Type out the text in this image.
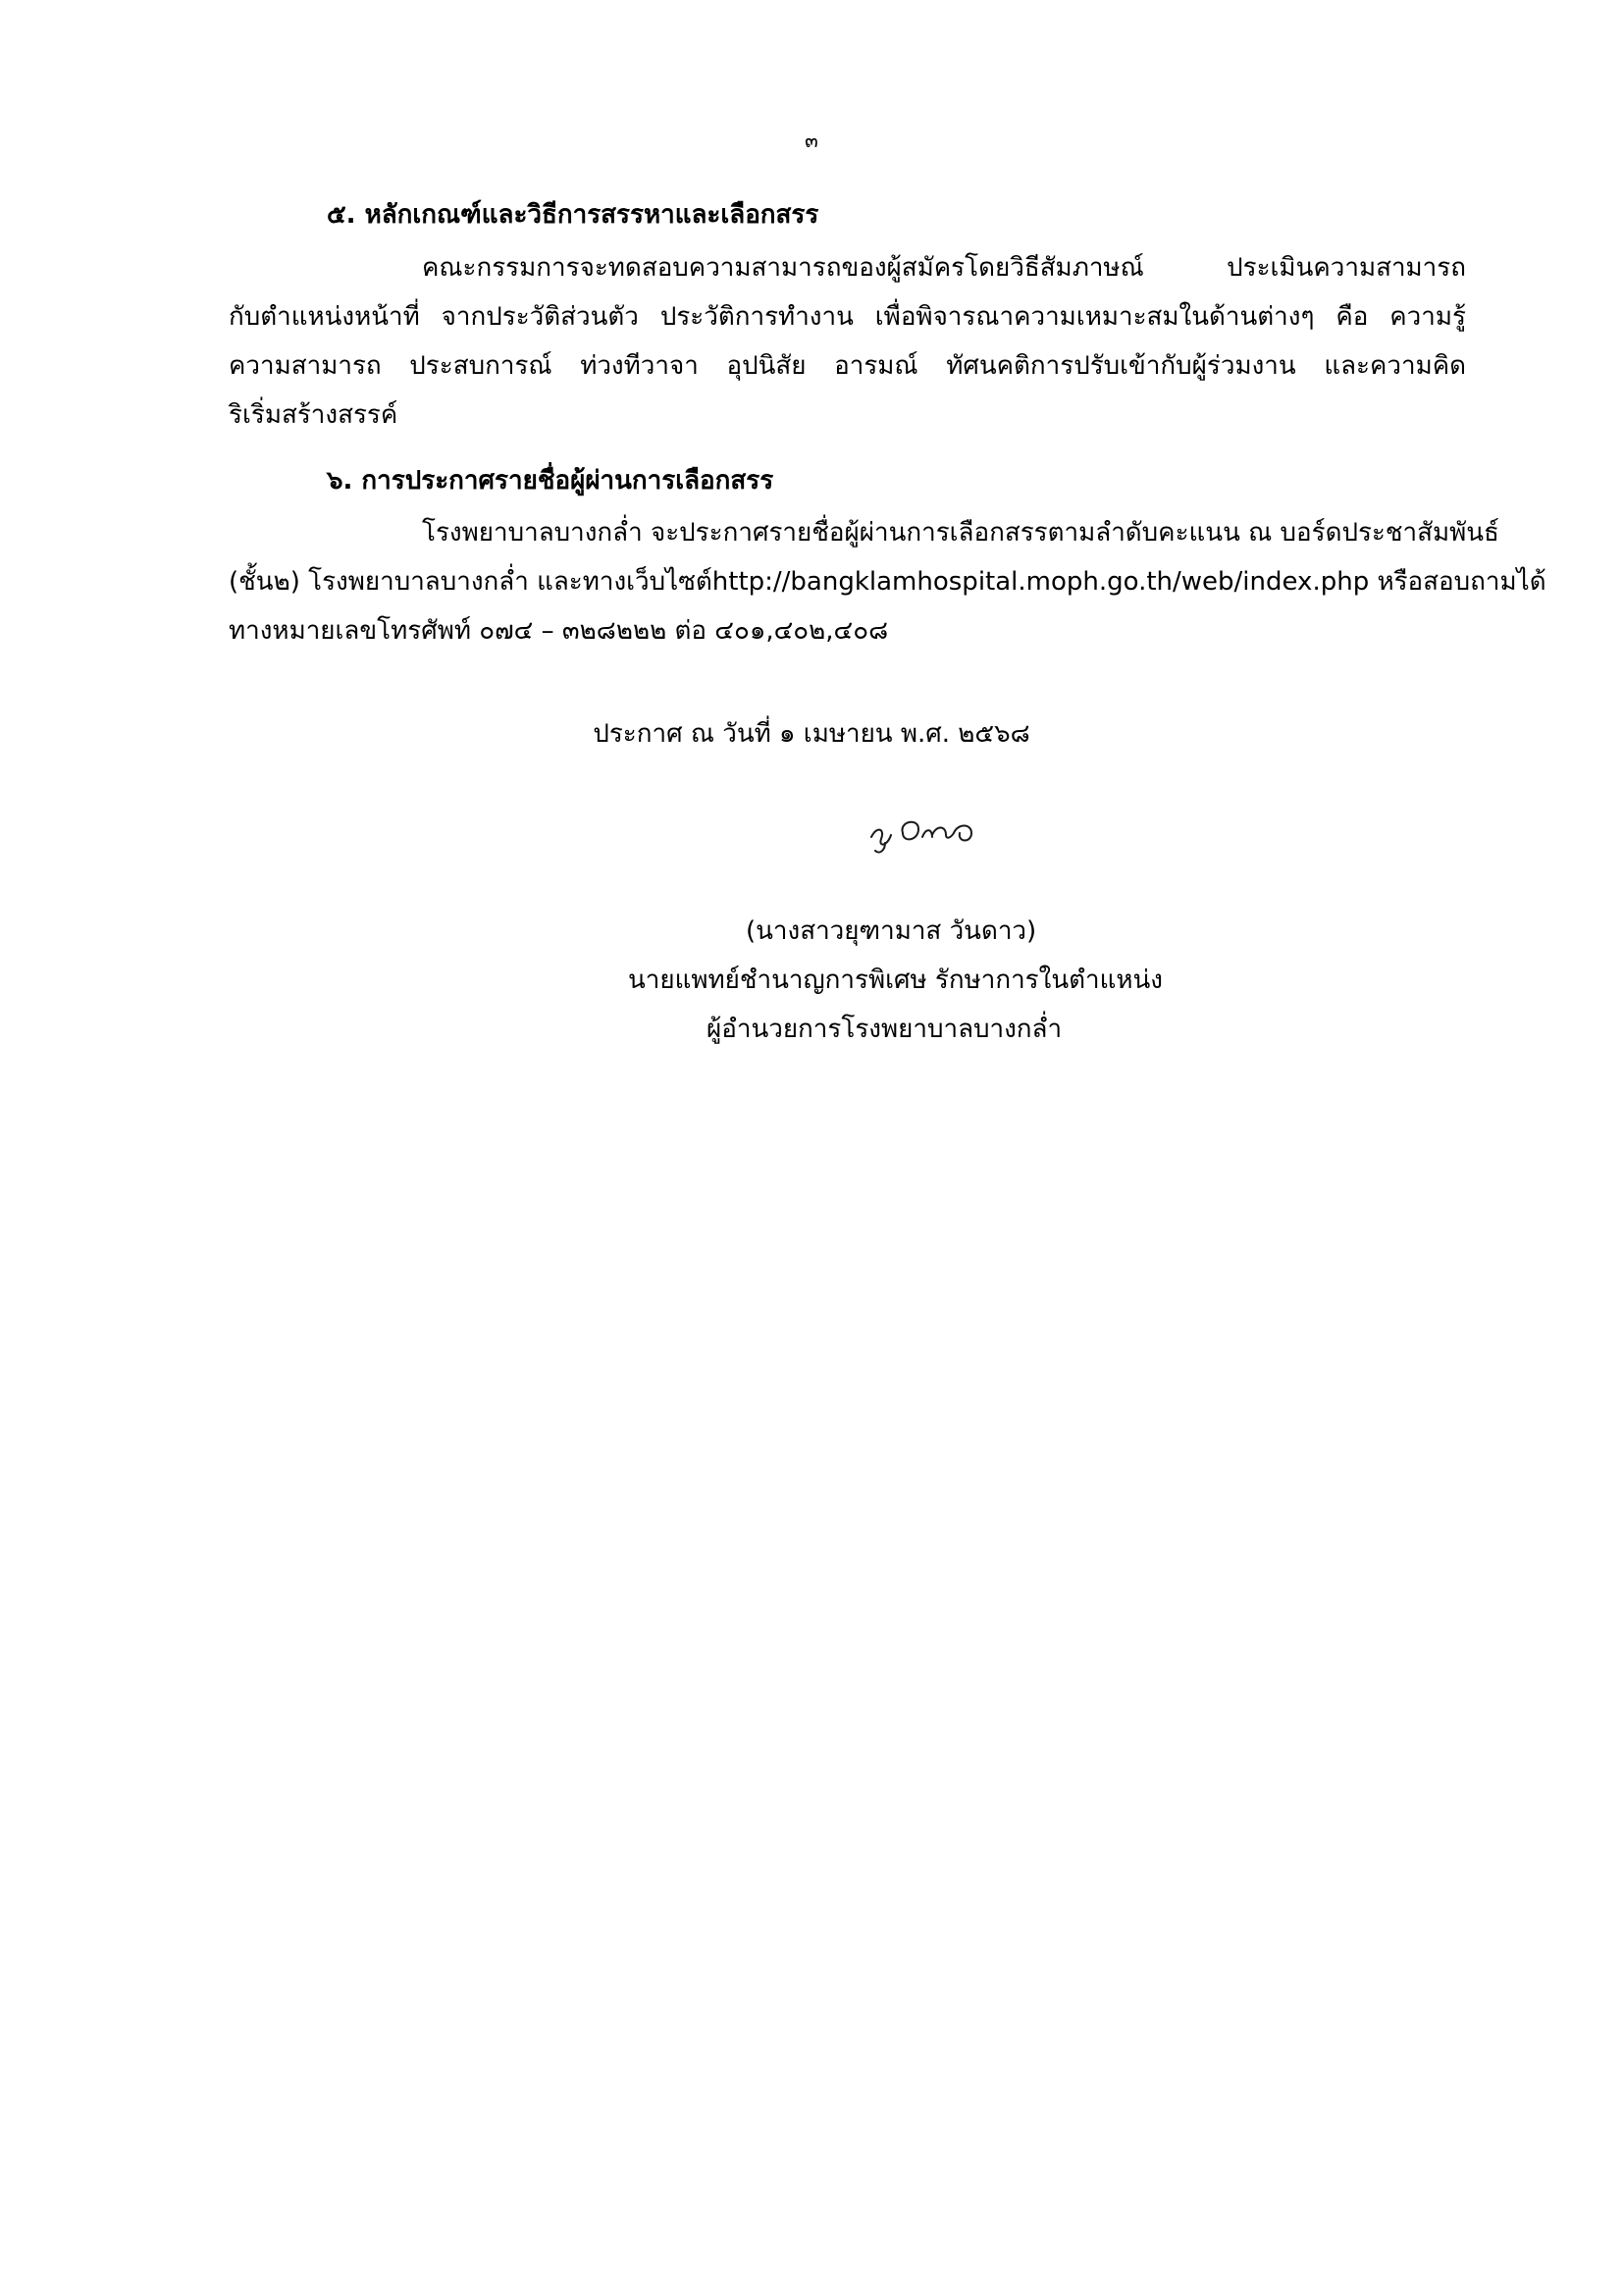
๓
๕. หลักเกณฑ์และวิธีการสรรหาและเลือกสรร
คณะกรรมการจะทดสอบความสามารถของผู้สมัครโดยวิธีสัมภาษณ์ ประเมินความสามารถ
กับตำแหน่งหน้าที่ จากประวัติส่วนตัว ประวัติการทำงาน เพื่อพิจารณาความเหมาะสมในด้านต่างๆ คือ ความรู้
ความสามารถ ประสบการณ์ ท่วงทีวาจา อุปนิสัย อารมณ์ ทัศนคติการปรับเข้ากับผู้ร่วมงาน และความคิด
ริเริ่มสร้างสรรค์
๖. การประกาศรายชื่อผู้ผ่านการเลือกสรร
โรงพยาบาลบางกล่ำ จะประกาศรายชื่อผู้ผ่านการเลือกสรรตามลำดับคะแนน ณ บอร์ดประชาสัมพันธ์
(ชั้น๒) โรงพยาบาลบางกล่ำ และทางเว็บไซต์http://bangklamhospital.moph.go.th/web/index.php หรือสอบถามได้
ทางหมายเลขโทรศัพท์ ๐๗๔ – ๓๒๘๒๒๒ ต่อ ๔๐๑,๔๐๒,๔๐๘
ประกาศ ณ วันที่ ๑ เมษายน พ.ศ. ๒๕๖๘
(นางสาวยุฑามาส วันดาว)
นายแพทย์ชำนาญการพิเศษ รักษาการในตำแหน่ง
ผู้อำนวยการโรงพยาบาลบางกล่ำ
